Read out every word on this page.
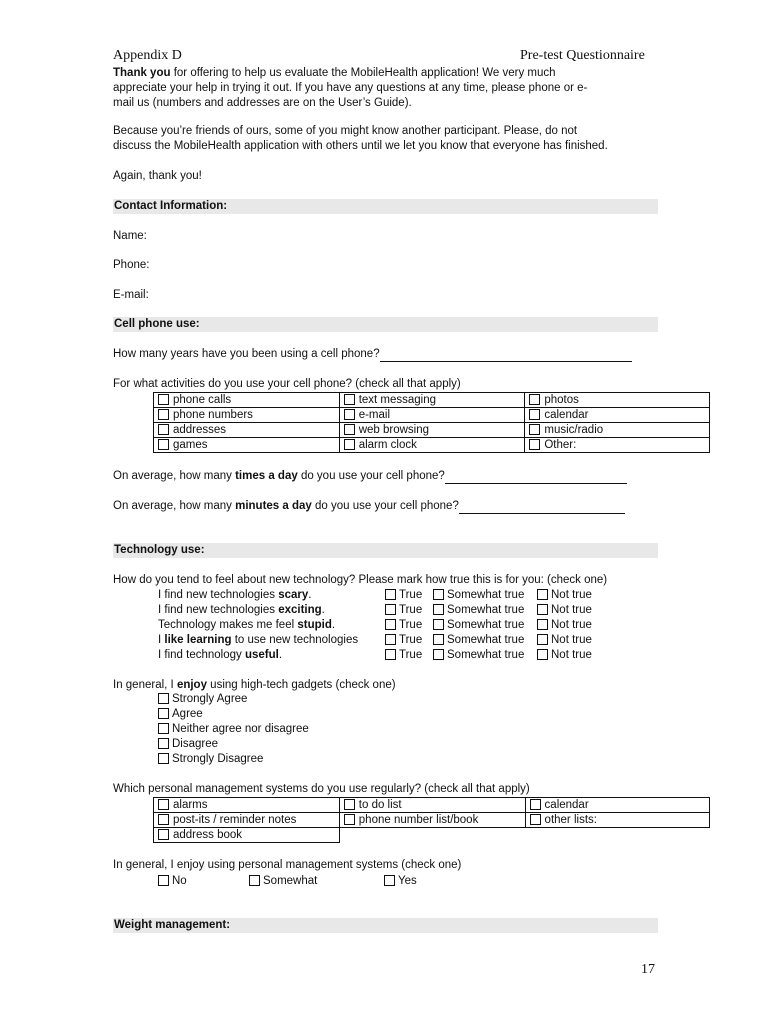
Appendix D	Pre-test Questionnaire
Thank you for offering to help us evaluate the MobileHealth application! We very much
appreciate your help in trying it out. If you have any questions at any time, please phone or e-
mail us (numbers and addresses are on the User’s Guide).
Because you’re friends of ours, some of you might know another participant. Please, do not
discuss the MobileHealth application with others until we let you know that everyone has finished.
Again, thank you!
Contact Information:
Name:
Phone:
E-mail:
Cell phone use:
How many years have you been using a cell phone?
For what activities do you use your cell phone? (check all that apply)
phone calls	text messaging	photos
phone numbers	e-mail	calendar
addresses	web browsing	music/radio
games	alarm clock	Other:
On average, how many times a day do you use your cell phone?
On average, how many minutes a day do you use your cell phone?
Technology use:
How do you tend to feel about new technology? Please mark how true this is for you: (check one)
I find new technologies scary.	True	Somewhat true	Not true
I find new technologies exciting.	True	Somewhat true	Not true
Technology makes me feel stupid.	True	Somewhat true	Not true
I like learning to use new technologies	True	Somewhat true	Not true
I find technology useful.	True	Somewhat true	Not true
In general, I enjoy using high-tech gadgets (check one)
Strongly Agree
Agree
Neither agree nor disagree
Disagree
Strongly Disagree
Which personal management systems do you use regularly? (check all that apply)
alarms	to do list	calendar
post-its / reminder notes	phone number list/book	other lists:
address book		
In general, I enjoy using personal management systems (check one)
No	Somewhat	Yes
Weight management:
17
